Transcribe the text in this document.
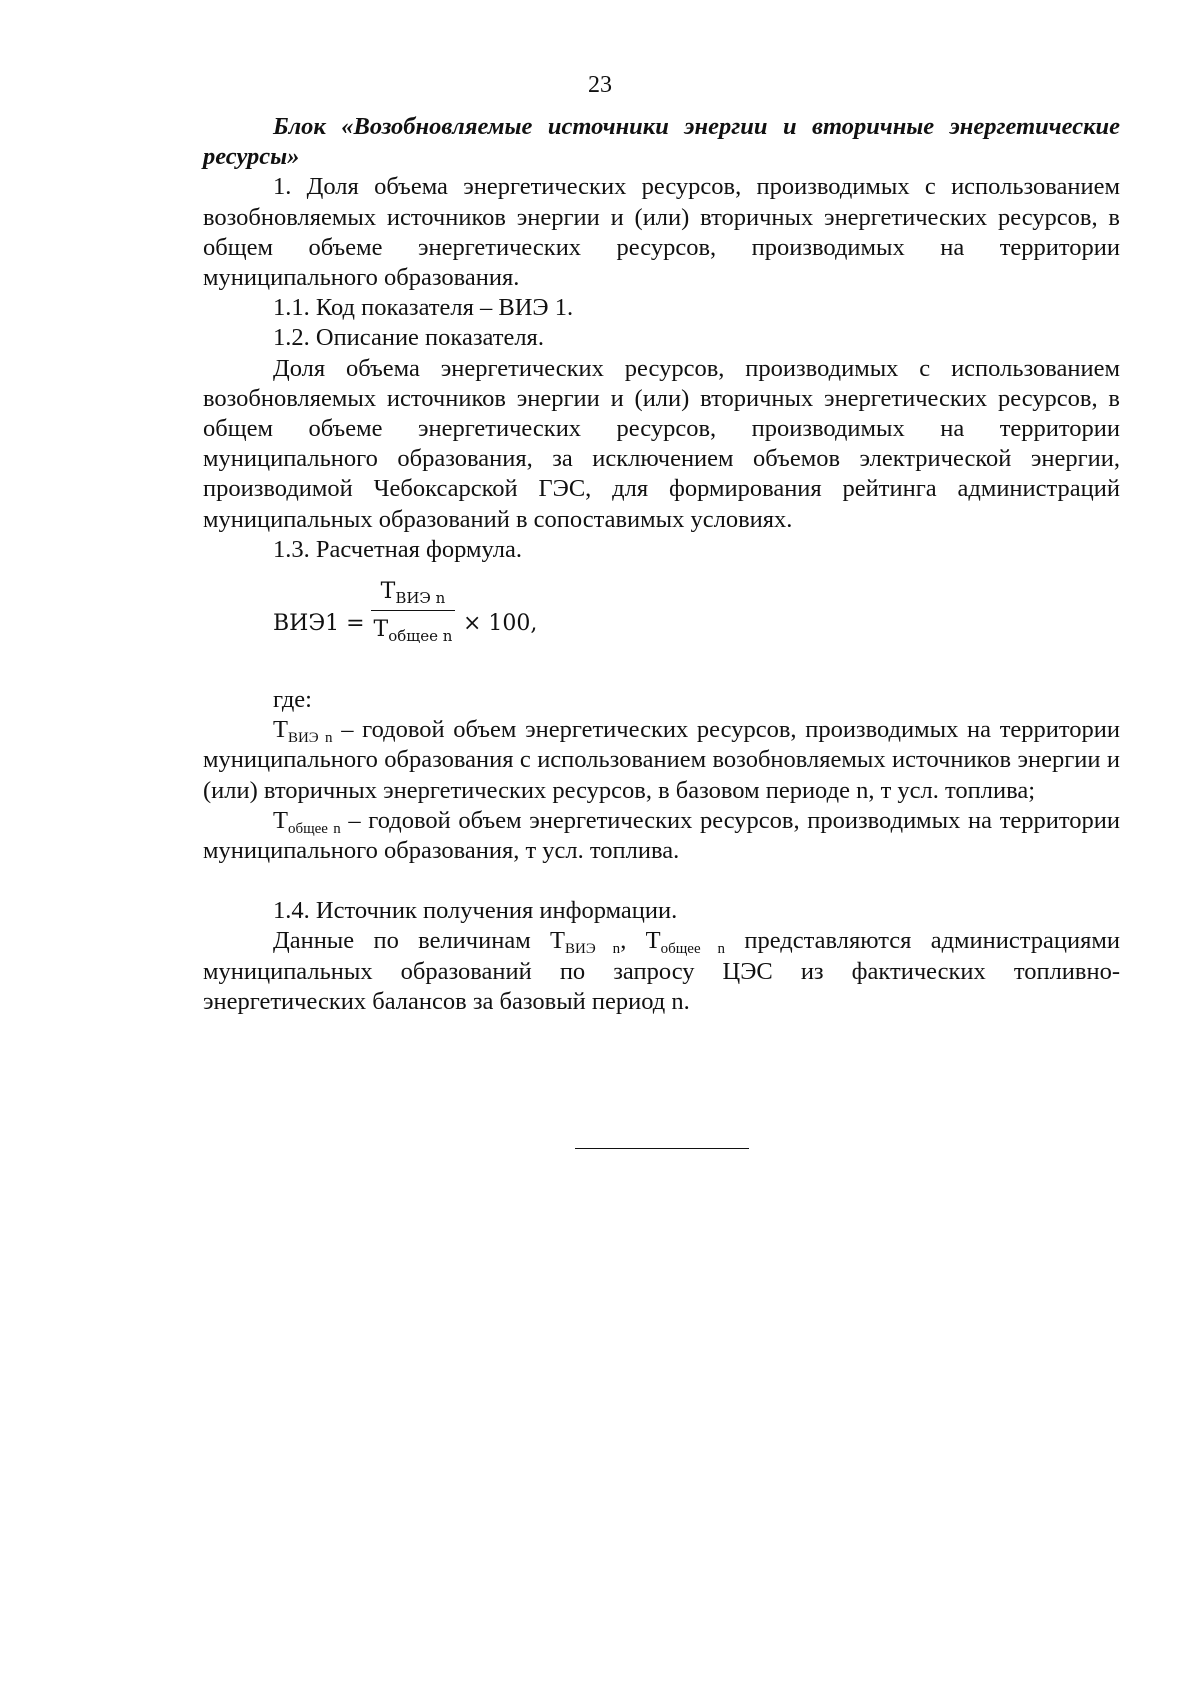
23

Блок «Возобновляемые источники энергии и вторичные энергетические ресурсы»

1. Доля объема энергетических ресурсов, производимых с использованием возобновляемых источников энергии и (или) вторичных энергетических ресурсов, в общем объеме энергетических ресурсов, производимых на территории муниципального образования.

1.1. Код показателя – ВИЭ 1.

1.2. Описание показателя.

Доля объема энергетических ресурсов, производимых с использованием возобновляемых источников энергии и (или) вторичных энергетических ресурсов, в общем объеме энергетических ресурсов, производимых на территории муниципального образования, за исключением объемов электрической энергии, производимой Чебоксарской ГЭС, для формирования рейтинга администраций муниципальных образований в сопоставимых условиях.

1.3. Расчетная формула.

ВИЭ1 =
$Т_{ВИЭ n}$
$Т_{общее n} \times 100$,

где:

$Т_{ВИЭ n}$ – годовой объем энергетических ресурсов, производимых на территории муниципального образования с использованием возобновляемых источников энергии и (или) вторичных энергетических ресурсов, в базовом периоде n, т усл. топлива;

$Т_{общее n}$ – годовой объем энергетических ресурсов, производимых на территории муниципального образования, т усл. топлива.

1.4. Источник получения информации.

Данные по величинам $Т_{ВИЭ n}$, $Т_{общее n}$ представляются администрациями муниципальных образований по запросу ЦЭС из фактических топливно-энергетических балансов за базовый период n.
